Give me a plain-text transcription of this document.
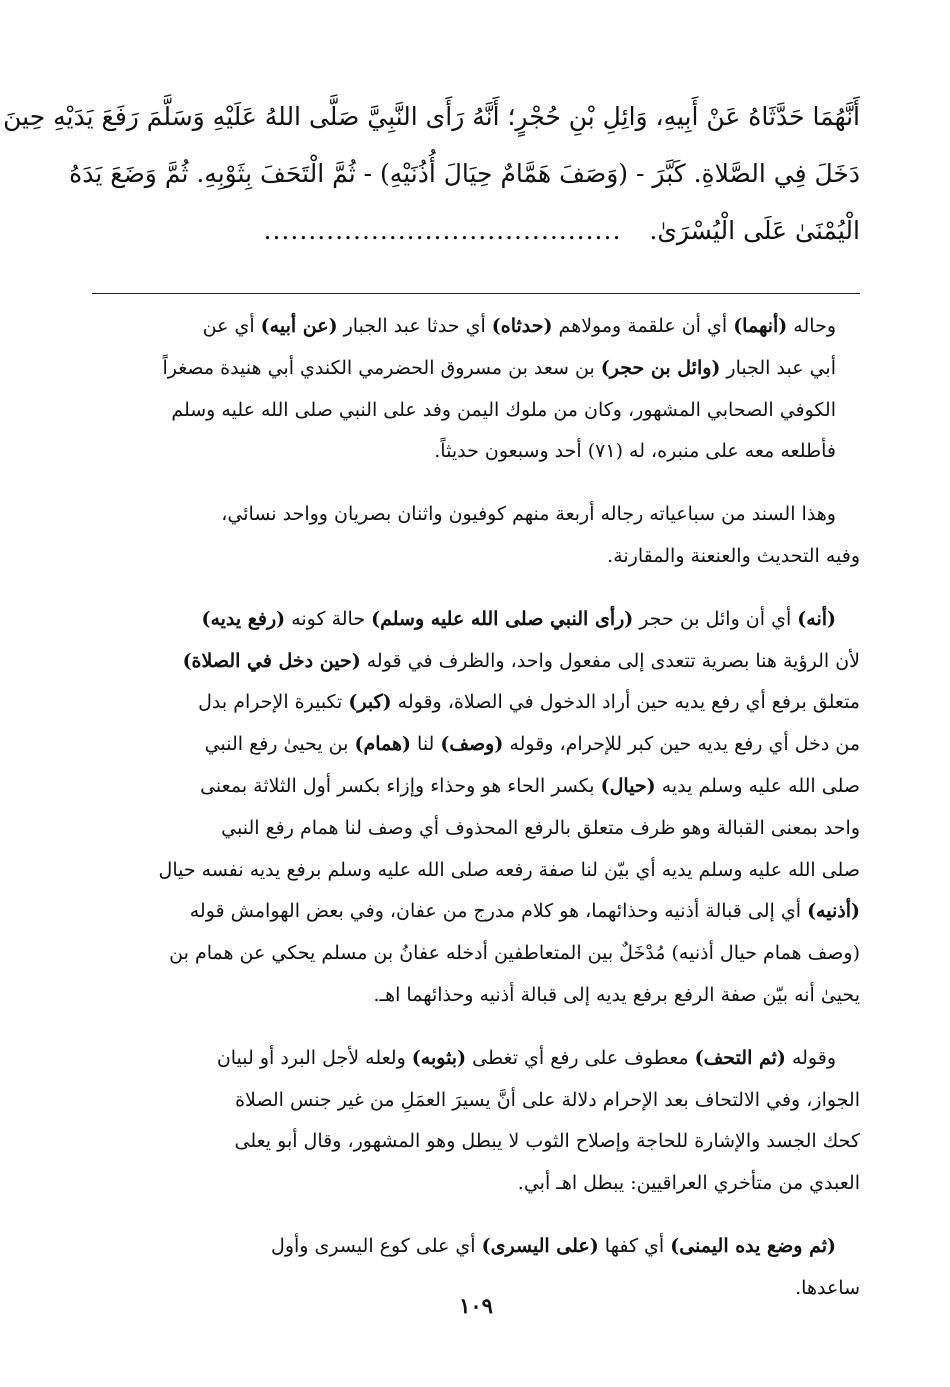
أَنَّهُمَا حَدَّثَاهُ عَنْ أَبِيهِ، وَائِلِ بْنِ حُجْرٍ؛ أَنَّهُ رَأَى النَّبِيَّ صَلَّى اللهُ عَلَيْهِ وَسَلَّمَ رَفَعَ يَدَيْهِ حِينَ
دَخَلَ فِي الصَّلاةِ. كَبَّرَ - (وَصَفَ هَمَّامٌ حِيَالَ أُذُنَيْهِ) - ثُمَّ الْتَحَفَ بِثَوْبِهِ. ثُمَّ وَضَعَ يَدَهُ
الْيُمْنَىٰ عَلَى الْيُسْرَىٰ.........................................

وحاله (أنهما) أي أن علقمة ومولاهم (حدثاه) أي حدثا عبد الجبار (عن أبيه) أي عن
أبي عبد الجبار (وائل بن حجر) بن سعد بن مسروق الحضرمي الكندي أبي هنيدة مصغراً
الكوفي الصحابي المشهور، وكان من ملوك اليمن وفد على النبي صلى الله عليه وسلم
فأطلعه معه على منبره، له (٧١) أحد وسبعون حديثاً.

وهذا السند من سباعياته رجاله أربعة منهم كوفيون واثنان بصريان وواحد نسائي،
وفيه التحديث والعنعنة والمقارنة.

(أنه) أي أن وائل بن حجر (رأى النبي صلى الله عليه وسلم) حالة كونه (رفع يديه)
لأن الرؤية هنا بصرية تتعدى إلى مفعول واحد، والظرف في قوله (حين دخل في الصلاة)
متعلق برفع أي رفع يديه حين أراد الدخول في الصلاة، وقوله (كبر) تكبيرة الإحرام بدل
من دخل أي رفع يديه حين كبر للإحرام، وقوله (وصف) لنا (همام) بن يحيىٰ رفع النبي
صلى الله عليه وسلم يديه (حيال) بكسر الحاء هو وحذاء وإزاء بكسر أول الثلاثة بمعنى
واحد بمعنى القبالة وهو ظرف متعلق بالرفع المحذوف أي وصف لنا همام رفع النبي
صلى الله عليه وسلم يديه أي بيّن لنا صفة رفعه صلى الله عليه وسلم برفع يديه نفسه حيال
(أذنيه) أي إلى قبالة أذنيه وحذائهما، هو كلام مدرج من عفان، وفي بعض الهوامش قوله
(وصف همام حيال أذنيه) مُدْخَلٌ بين المتعاطفين أدخله عفانُ بن مسلم يحكي عن همام بن
يحيىٰ أنه بيّن صفة الرفع برفع يديه إلى قبالة أذنيه وحذائهما اهـ.

وقوله (ثم التحف) معطوف على رفع أي تغطى (بثوبه) ولعله لأجل البرد أو لبيان
الجواز، وفي الالتحاف بعد الإحرام دلالة على أنَّ يسيرَ العمَلِ من غير جنس الصلاة
كحك الجسد والإشارة للحاجة وإصلاح الثوب لا يبطل وهو المشهور، وقال أبو يعلى
العبدي من متأخري العراقيين: يبطل اهـ أبي.

(ثم وضع يده اليمنى) أي كفها (على اليسرى) أي على كوع اليسرى وأول
ساعدها.

١٠٩
